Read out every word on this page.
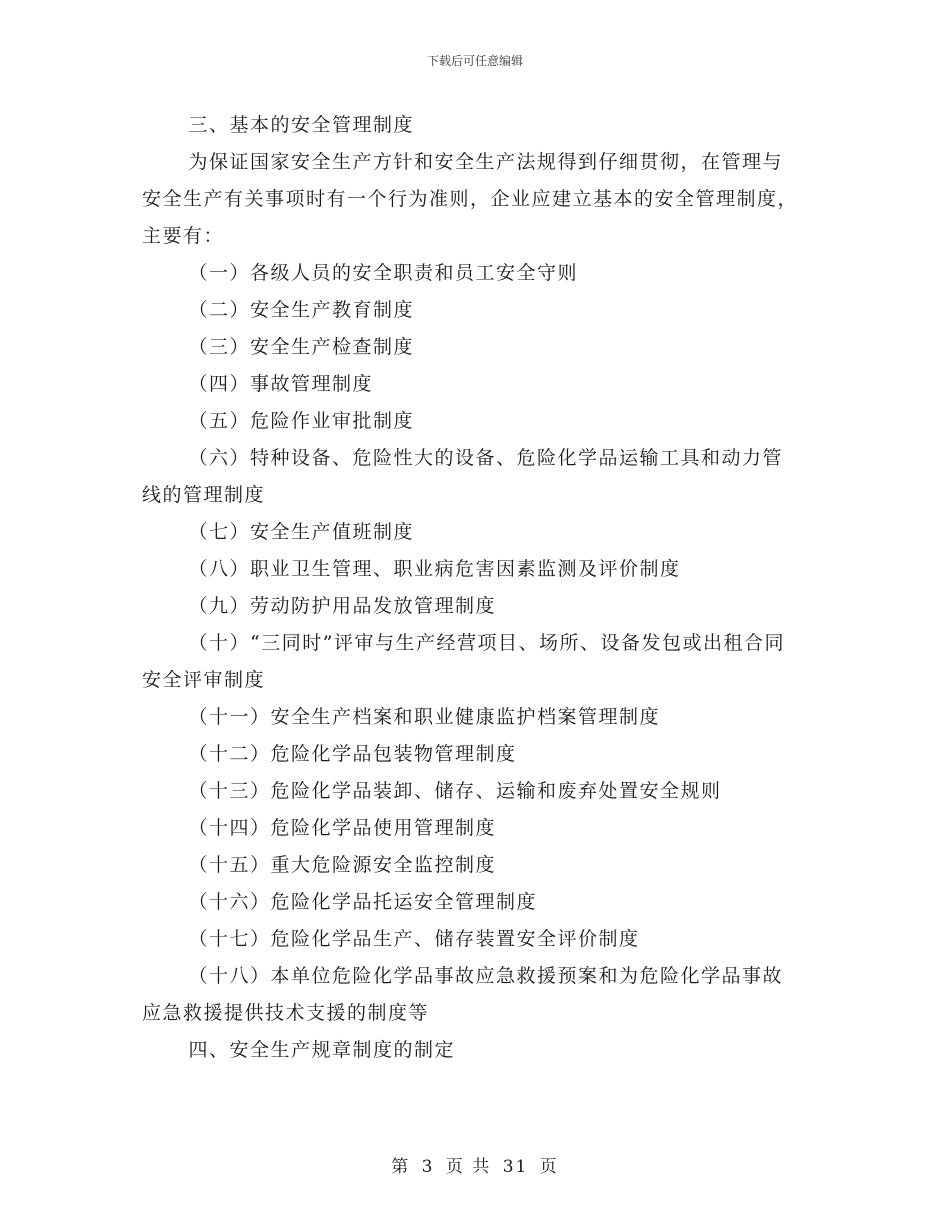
下载后可任意编辑

三、基本的安全管理制度

为保证国家安全生产方针和安全生产法规得到仔细贯彻，在管理与安全生产有关事项时有一个行为准则，企业应建立基本的安全管理制度，主要有：

（一）各级人员的安全职责和员工安全守则

（二）安全生产教育制度

（三）安全生产检查制度

（四）事故管理制度

（五）危险作业审批制度

（六）特种设备、危险性大的设备、危险化学品运输工具和动力管线的管理制度

（七）安全生产值班制度

（八）职业卫生管理、职业病危害因素监测及评价制度

（九）劳动防护用品发放管理制度

（十）“三同时”评审与生产经营项目、场所、设备发包或出租合同安全评审制度

（十一）安全生产档案和职业健康监护档案管理制度

（十二）危险化学品包装物管理制度

（十三）危险化学品装卸、储存、运输和废弃处置安全规则

（十四）危险化学品使用管理制度

（十五）重大危险源安全监控制度

（十六）危险化学品托运安全管理制度

（十七）危险化学品生产、储存装置安全评价制度

（十八）本单位危险化学品事故应急救援预案和为危险化学品事故应急救援提供技术支援的制度等

四、安全生产规章制度的制定

第 3 页 共 31 页
